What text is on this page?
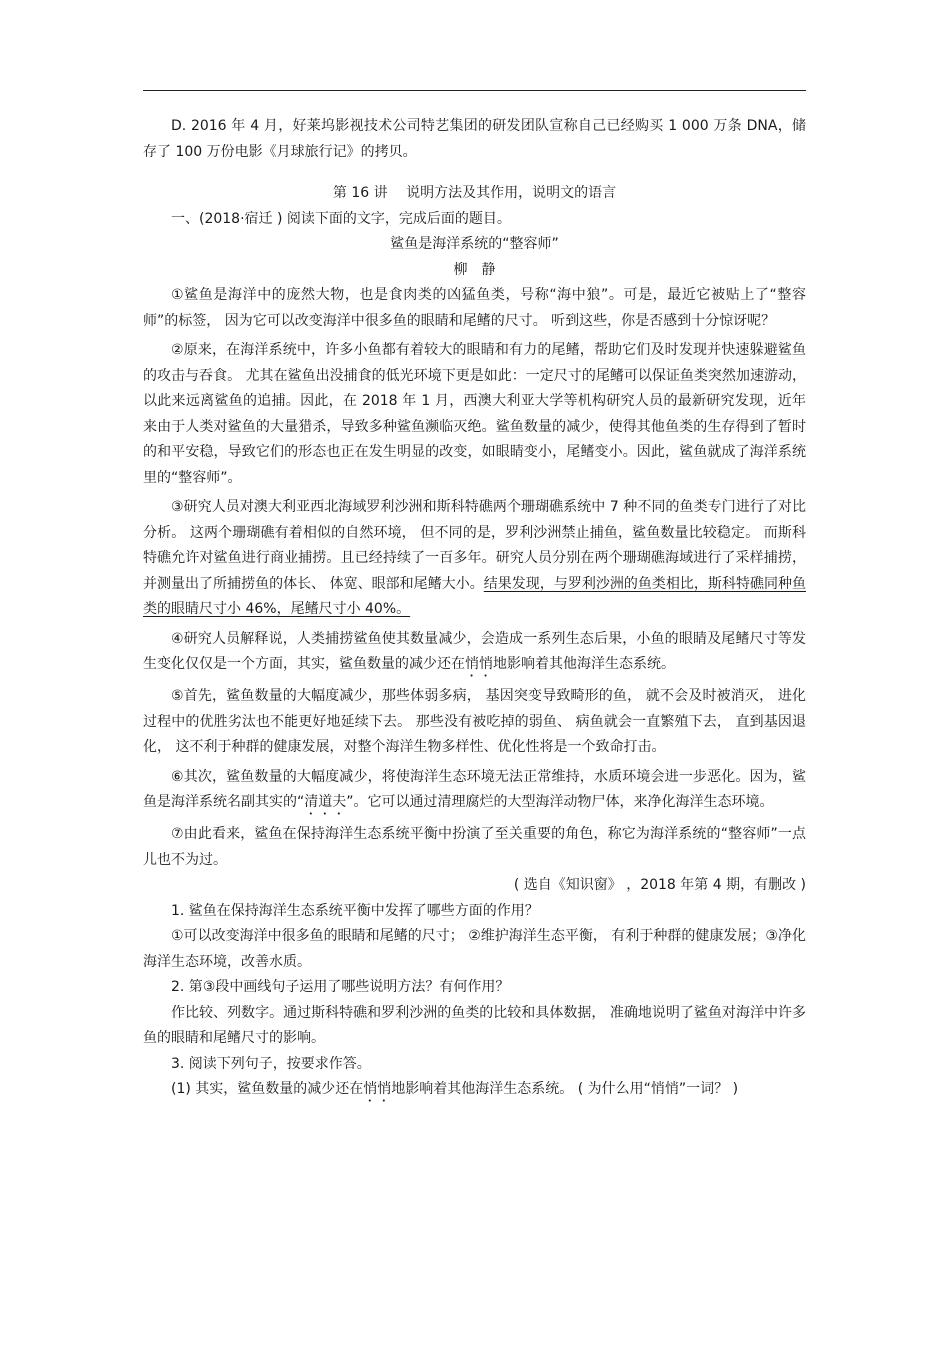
D. 2016 年 4 月，好莱坞影视技术公司特艺集团的研发团队宣称自己已经购买 1 000 万条 DNA，储存了 100 万份电影《月球旅行记》的拷贝。

第 16 讲　 说明方法及其作用，说明文的语言

一、(2018·宿迁 ) 阅读下面的文字，完成后面的题目。

鲨鱼是海洋系统的“整容师”

柳　静

①鲨鱼是海洋中的庞然大物，也是食肉类的凶猛鱼类，号称“海中狼”。可是，最近它被贴上了“整容师”的标签， 因为它可以改变海洋中很多鱼的眼睛和尾鳍的尺寸。 听到这些，你是否感到十分惊讶呢？

②原来，在海洋系统中，许多小鱼都有着较大的眼睛和有力的尾鳍，帮助它们及时发现并快速躲避鲨鱼的攻击与吞食。 尤其在鲨鱼出没捕食的低光环境下更是如此：一定尺寸的尾鳍可以保证鱼类突然加速游动，以此来远离鲨鱼的追捕。因此，在 2018 年 1 月，西澳大利亚大学等机构研究人员的最新研究发现，近年来由于人类对鲨鱼的大量猎杀，导致多种鲨鱼濒临灭绝。鲨鱼数量的减少，使得其他鱼类的生存得到了暂时的和平安稳，导致它们的形态也正在发生明显的改变，如眼睛变小，尾鳍变小。因此，鲨鱼就成了海洋系统里的“整容师”。

③研究人员对澳大利亚西北海域罗利沙洲和斯科特礁两个珊瑚礁系统中 7 种不同的鱼类专门进行了对比分析。 这两个珊瑚礁有着相似的自然环境， 但不同的是，罗利沙洲禁止捕鱼，鲨鱼数量比较稳定。 而斯科特礁允许对鲨鱼进行商业捕捞。且已经持续了一百多年。研究人员分别在两个珊瑚礁海域进行了采样捕捞， 并测量出了所捕捞鱼的体长、 体宽、眼部和尾鳍大小。结果发现，与罗利沙洲的鱼类相比，斯科特礁同种鱼类的眼睛尺寸小 46%，尾鳍尺寸小 40%。

④研究人员解释说，人类捕捞鲨鱼使其数量减少，会造成一系列生态后果，小鱼的眼睛及尾鳍尺寸等发生变化仅仅是一个方面，其实，鲨鱼数量的减少还在悄悄地影响着其他海洋生态系统。

⑤首先，鲨鱼数量的大幅度减少，那些体弱多病， 基因突变导致畸形的鱼， 就不会及时被消灭， 进化过程中的优胜劣汰也不能更好地延续下去。 那些没有被吃掉的弱鱼、 病鱼就会一直繁殖下去， 直到基因退化， 这不利于种群的健康发展，对整个海洋生物多样性、优化性将是一个致命打击。

⑥其次，鲨鱼数量的大幅度减少，将使海洋生态环境无法正常维持，水质环境会进一步恶化。因为，鲨鱼是海洋系统名副其实的“清道夫”。它可以通过清理腐烂的大型海洋动物尸体，来净化海洋生态环境。

⑦由此看来，鲨鱼在保持海洋生态系统平衡中扮演了至关重要的角色，称它为海洋系统的“整容师”一点儿也不为过。

( 选自《知识窗》 ，2018 年第 4 期，有删改 )

1. 鲨鱼在保持海洋生态系统平衡中发挥了哪些方面的作用？

①可以改变海洋中很多鱼的眼睛和尾鳍的尺寸； ②维护海洋生态平衡， 有利于种群的健康发展；③净化海洋生态环境，改善水质。

2. 第③段中画线句子运用了哪些说明方法？有何作用？

作比较、列数字。通过斯科特礁和罗利沙洲的鱼类的比较和具体数据， 准确地说明了鲨鱼对海洋中许多鱼的眼睛和尾鳍尺寸的影响。

3. 阅读下列句子，按要求作答。

(1) 其实，鲨鱼数量的减少还在悄悄地影响着其他海洋生态系统。 ( 为什么用“悄悄”一词？ )
